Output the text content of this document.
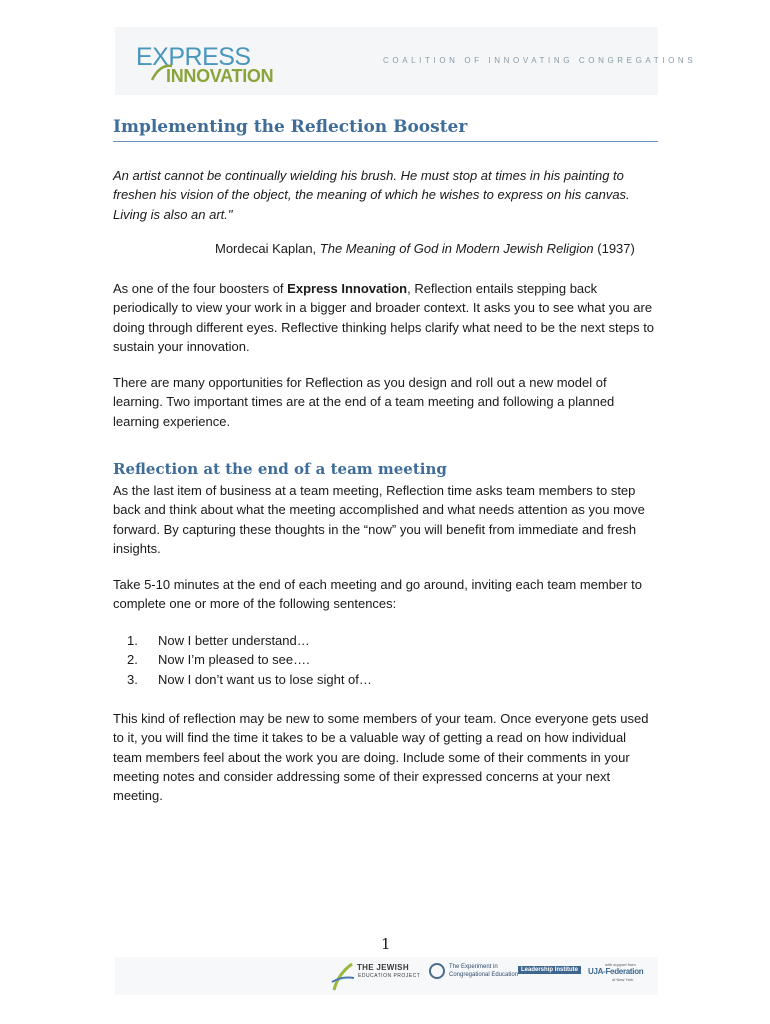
EXPRESS
INNOVATION
COALITION OF INNOVATING CONGREGATIONS
Implementing the Reflection Booster

An artist cannot be continually wielding his brush. He must stop at times in his painting to freshen his vision of the object, the meaning of which he wishes to express on his canvas. Living is also an art."

Mordecai Kaplan, The Meaning of God in Modern Jewish Religion (1937)

As one of the four boosters of Express Innovation, Reflection entails stepping back periodically to view your work in a bigger and broader context. It asks you to see what you are doing through different eyes. Reflective thinking helps clarify what need to be the next steps to sustain your innovation.

There are many opportunities for Reflection as you design and roll out a new model of learning. Two important times are at the end of a team meeting and following a planned learning experience.

Reflection at the end of a team meeting

As the last item of business at a team meeting, Reflection time asks team members to step back and think about what the meeting accomplished and what needs attention as you move forward. By capturing these thoughts in the “now” you will benefit from immediate and fresh insights.

Take 5-10 minutes at the end of each meeting and go around, inviting each team member to complete one or more of the following sentences:

1. Now I better understand…
2. Now I’m pleased to see….
3. Now I don’t want us to lose sight of…

This kind of reflection may be new to some members of your team. Once everyone gets used to it, you will find the time it takes to be a valuable way of getting a read on how individual team members feel about the work you are doing. Include some of their comments in your meeting notes and consider addressing some of their expressed concerns at your next meeting.

1
THE JEWISH
EDUCATION PROJECT
The Experiment in
Congregational Education
Leadership Institute
with support from
UJA-Federation
of New York
